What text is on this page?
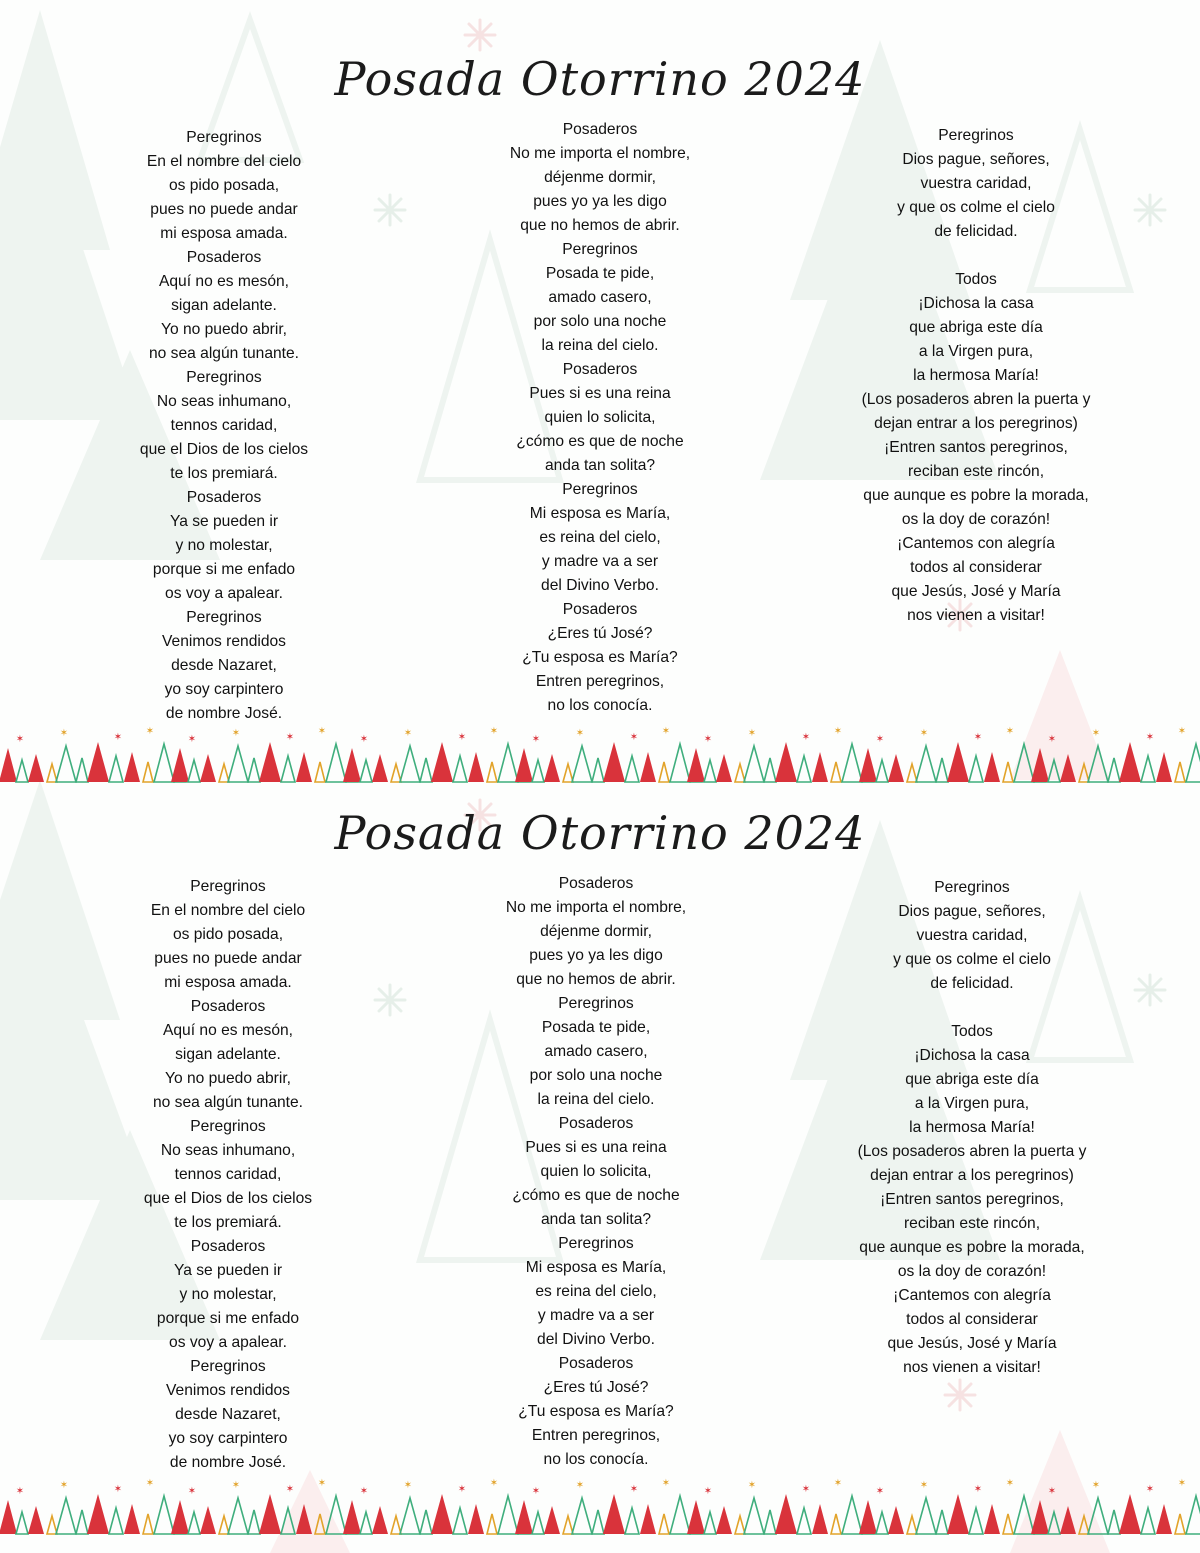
Posada Otorrino 2024
Peregrinos
En el nombre del cielo
os pido posada,
pues no puede andar
mi esposa amada.
Posaderos
Aquí no es mesón,
sigan adelante.
Yo no puedo abrir,
no sea algún tunante.
Peregrinos
No seas inhumano,
tennos caridad,
que el Dios de los cielos
te los premiará.
Posaderos
Ya se pueden ir
y no molestar,
porque si me enfado
os voy a apalear.
Peregrinos
Venimos rendidos
desde Nazaret,
yo soy carpintero
de nombre José.
Posaderos
No me importa el nombre,
déjenme dormir,
pues yo ya les digo
que no hemos de abrir.
Peregrinos
Posada te pide,
amado casero,
por solo una noche
la reina del cielo.
Posaderos
Pues si es una reina
quien lo solicita,
¿cómo es que de noche
anda tan solita?
Peregrinos
Mi esposa es María,
es reina del cielo,
y madre va a ser
del Divino Verbo.
Posaderos
¿Eres tú José?
¿Tu esposa es María?
Entren peregrinos,
no los conocía.
Peregrinos
Dios pague, señores,
vuestra caridad,
y que os colme el cielo
de felicidad.
Todos
¡Dichosa la casa
que abriga este día
a la Virgen pura,
la hermosa María!
(Los posaderos abren la puerta y
dejan entrar a los peregrinos)
¡Entren santos peregrinos,
reciban este rincón,
que aunque es pobre la morada,
os la doy de corazón!
¡Cantemos con alegría
todos al considerar
que Jesús, José y María
nos vienen a visitar!
✶
✶	✶
✶
✶
✶	✶
✶
✶
✶	✶
✶
✶
✶	✶
✶
✶
✶	✶
✶
✶
✶	✶
✶
✶
✶	✶
✶
Posada Otorrino 2024
Peregrinos
En el nombre del cielo
os pido posada,
pues no puede andar
mi esposa amada.
Posaderos
Aquí no es mesón,
sigan adelante.
Yo no puedo abrir,
no sea algún tunante.
Peregrinos
No seas inhumano,
tennos caridad,
que el Dios de los cielos
te los premiará.
Posaderos
Ya se pueden ir
y no molestar,
porque si me enfado
os voy a apalear.
Peregrinos
Venimos rendidos
desde Nazaret,
yo soy carpintero
de nombre José.
Posaderos
No me importa el nombre,
déjenme dormir,
pues yo ya les digo
que no hemos de abrir.
Peregrinos
Posada te pide,
amado casero,
por solo una noche
la reina del cielo.
Posaderos
Pues si es una reina
quien lo solicita,
¿cómo es que de noche
anda tan solita?
Peregrinos
Mi esposa es María,
es reina del cielo,
y madre va a ser
del Divino Verbo.
Posaderos
¿Eres tú José?
¿Tu esposa es María?
Entren peregrinos,
no los conocía.
Peregrinos
Dios pague, señores,
vuestra caridad,
y que os colme el cielo
de felicidad.
Todos
¡Dichosa la casa
que abriga este día
a la Virgen pura,
la hermosa María!
(Los posaderos abren la puerta y
dejan entrar a los peregrinos)
¡Entren santos peregrinos,
reciban este rincón,
que aunque es pobre la morada,
os la doy de corazón!
¡Cantemos con alegría
todos al considerar
que Jesús, José y María
nos vienen a visitar!
✶
✶	✶
✶
✶
✶	✶
✶
✶
✶	✶
✶
✶
✶	✶
✶
✶
✶	✶
✶
✶
✶	✶
✶
✶
✶	✶
✶
